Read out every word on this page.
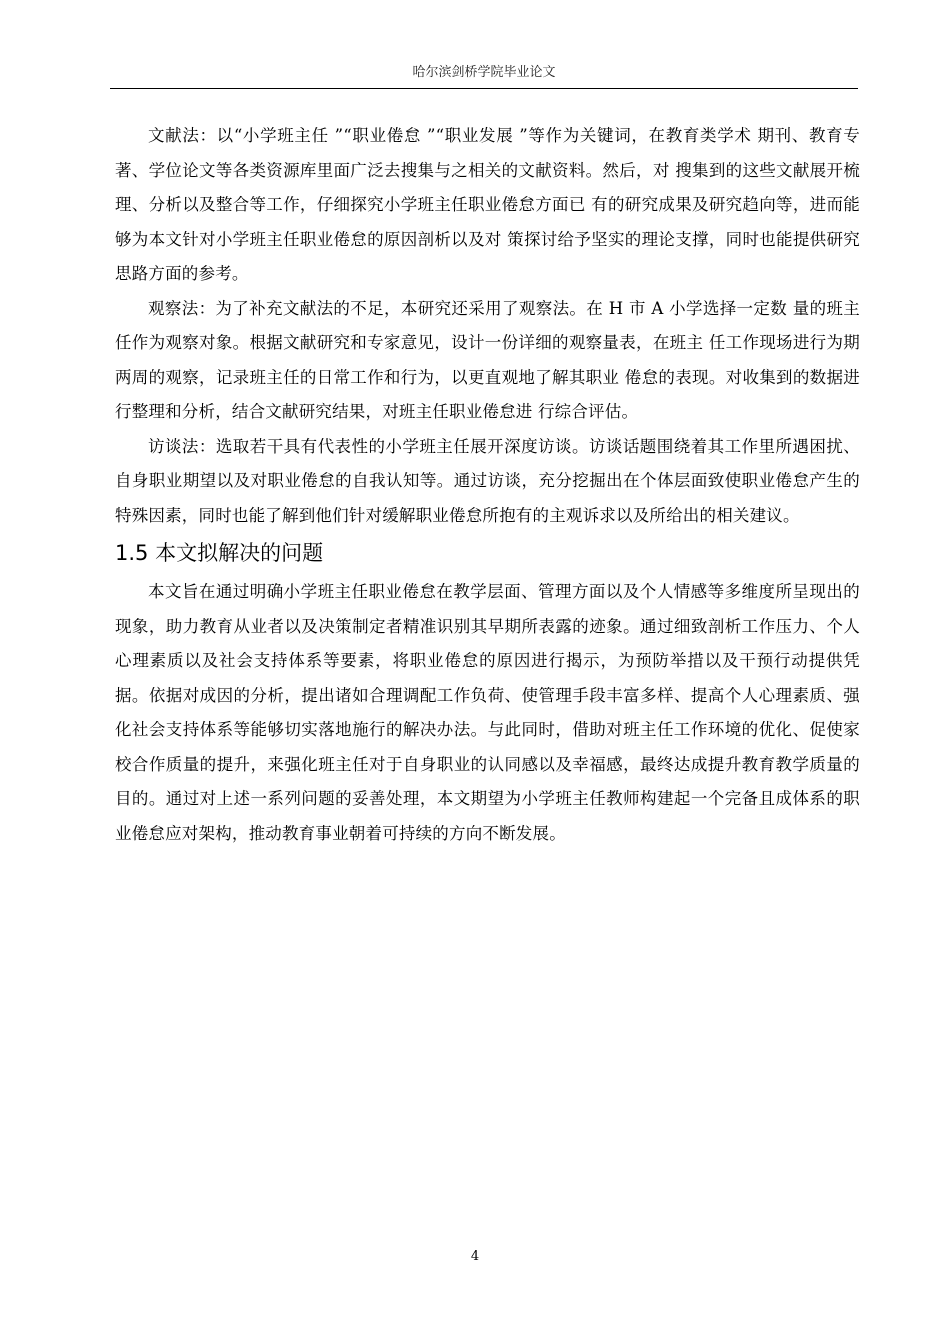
哈尔滨剑桥学院毕业论文

文献法：以“小学班主任 ”“职业倦怠 ”“职业发展 ”等作为关键词，在教育类学术 期刊、教育专著、学位论文等各类资源库里面广泛去搜集与之相关的文献资料。然后，对 搜集到的这些文献展开梳理、分析以及整合等工作，仔细探究小学班主任职业倦怠方面已 有的研究成果及研究趋向等，进而能够为本文针对小学班主任职业倦怠的原因剖析以及对 策探讨给予坚实的理论支撑，同时也能提供研究思路方面的参考。

观察法：为了补充文献法的不足，本研究还采用了观察法。在 H 市 A 小学选择一定数 量的班主任作为观察对象。根据文献研究和专家意见，设计一份详细的观察量表，在班主 任工作现场进行为期两周的观察，记录班主任的日常工作和行为，以更直观地了解其职业 倦怠的表现。对收集到的数据进行整理和分析，结合文献研究结果，对班主任职业倦怠进 行综合评估。

访谈法：选取若干具有代表性的小学班主任展开深度访谈。访谈话题围绕着其工作里所遇困扰、自身职业期望以及对职业倦怠的自我认知等。通过访谈，充分挖掘出在个体层面致使职业倦怠产生的特殊因素，同时也能了解到他们针对缓解职业倦怠所抱有的主观诉求以及所给出的相关建议。

1.5 本文拟解决的问题

本文旨在通过明确小学班主任职业倦怠在教学层面、管理方面以及个人情感等多维度所呈现出的现象，助力教育从业者以及决策制定者精准识别其早期所表露的迹象。通过细致剖析工作压力、个人心理素质以及社会支持体系等要素，将职业倦怠的原因进行揭示，为预防举措以及干预行动提供凭据。依据对成因的分析，提出诸如合理调配工作负荷、使管理手段丰富多样、提高个人心理素质、强化社会支持体系等能够切实落地施行的解决办法。与此同时，借助对班主任工作环境的优化、促使家校合作质量的提升，来强化班主任对于自身职业的认同感以及幸福感，最终达成提升教育教学质量的目的。通过对上述一系列问题的妥善处理，本文期望为小学班主任教师构建起一个完备且成体系的职业倦怠应对架构，推动教育事业朝着可持续的方向不断发展。

4
